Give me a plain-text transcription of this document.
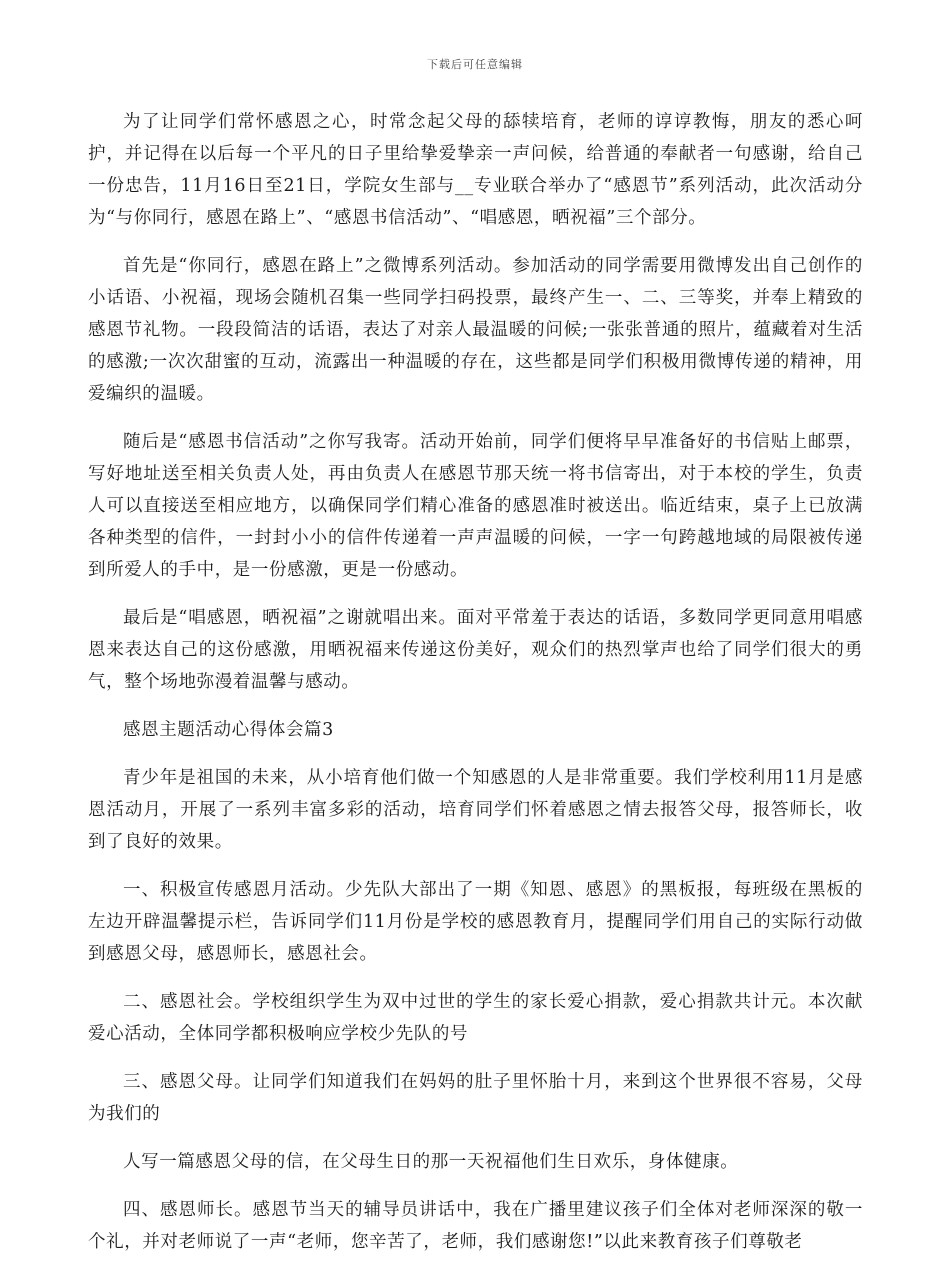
下载后可任意编辑

为了让同学们常怀感恩之心，时常念起父母的舔犊培育，老师的谆谆教悔，朋友的悉心呵护，并记得在以后每一个平凡的日子里给挚爱挚亲一声问候，给普通的奉献者一句感谢，给自己一份忠告，11月16日至21日，学院女生部与__专业联合举办了“感恩节”系列活动，此次活动分为“与你同行，感恩在路上”、“感恩书信活动”、“唱感恩，晒祝福”三个部分。

首先是“你同行，感恩在路上”之微博系列活动。参加活动的同学需要用微博发出自己创作的小话语、小祝福，现场会随机召集一些同学扫码投票，最终产生一、二、三等奖，并奉上精致的感恩节礼物。一段段简洁的话语，表达了对亲人最温暖的问候;一张张普通的照片，蕴藏着对生活的感激;一次次甜蜜的互动，流露出一种温暖的存在，这些都是同学们积极用微博传递的精神，用爱编织的温暖。

随后是“感恩书信活动”之你写我寄。活动开始前，同学们便将早早准备好的书信贴上邮票，写好地址送至相关负责人处，再由负责人在感恩节那天统一将书信寄出，对于本校的学生，负责人可以直接送至相应地方，以确保同学们精心准备的感恩准时被送出。临近结束，桌子上已放满各种类型的信件，一封封小小的信件传递着一声声温暖的问候，一字一句跨越地域的局限被传递到所爱人的手中，是一份感激，更是一份感动。

最后是“唱感恩，晒祝福”之谢就唱出来。面对平常羞于表达的话语，多数同学更同意用唱感恩来表达自己的这份感激，用晒祝福来传递这份美好，观众们的热烈掌声也给了同学们很大的勇气，整个场地弥漫着温馨与感动。

感恩主题活动心得体会篇3

青少年是祖国的未来，从小培育他们做一个知感恩的人是非常重要。我们学校利用11月是感恩活动月，开展了一系列丰富多彩的活动，培育同学们怀着感恩之情去报答父母，报答师长，收到了良好的效果。

一、积极宣传感恩月活动。少先队大部出了一期《知恩、感恩》的黑板报，每班级在黑板的左边开辟温馨提示栏，告诉同学们11月份是学校的感恩教育月，提醒同学们用自己的实际行动做到感恩父母，感恩师长，感恩社会。

二、感恩社会。学校组织学生为双中过世的学生的家长爱心捐款，爱心捐款共计元。本次献爱心活动，全体同学都积极响应学校少先队的号

三、感恩父母。让同学们知道我们在妈妈的肚子里怀胎十月，来到这个世界很不容易，父母为我们的

人写一篇感恩父母的信，在父母生日的那一天祝福他们生日欢乐，身体健康。

四、感恩师长。感恩节当天的辅导员讲话中，我在广播里建议孩子们全体对老师深深的敬一个礼，并对老师说了一声“老师，您辛苦了，老师，我们感谢您!”以此来教育孩子们尊敬老
